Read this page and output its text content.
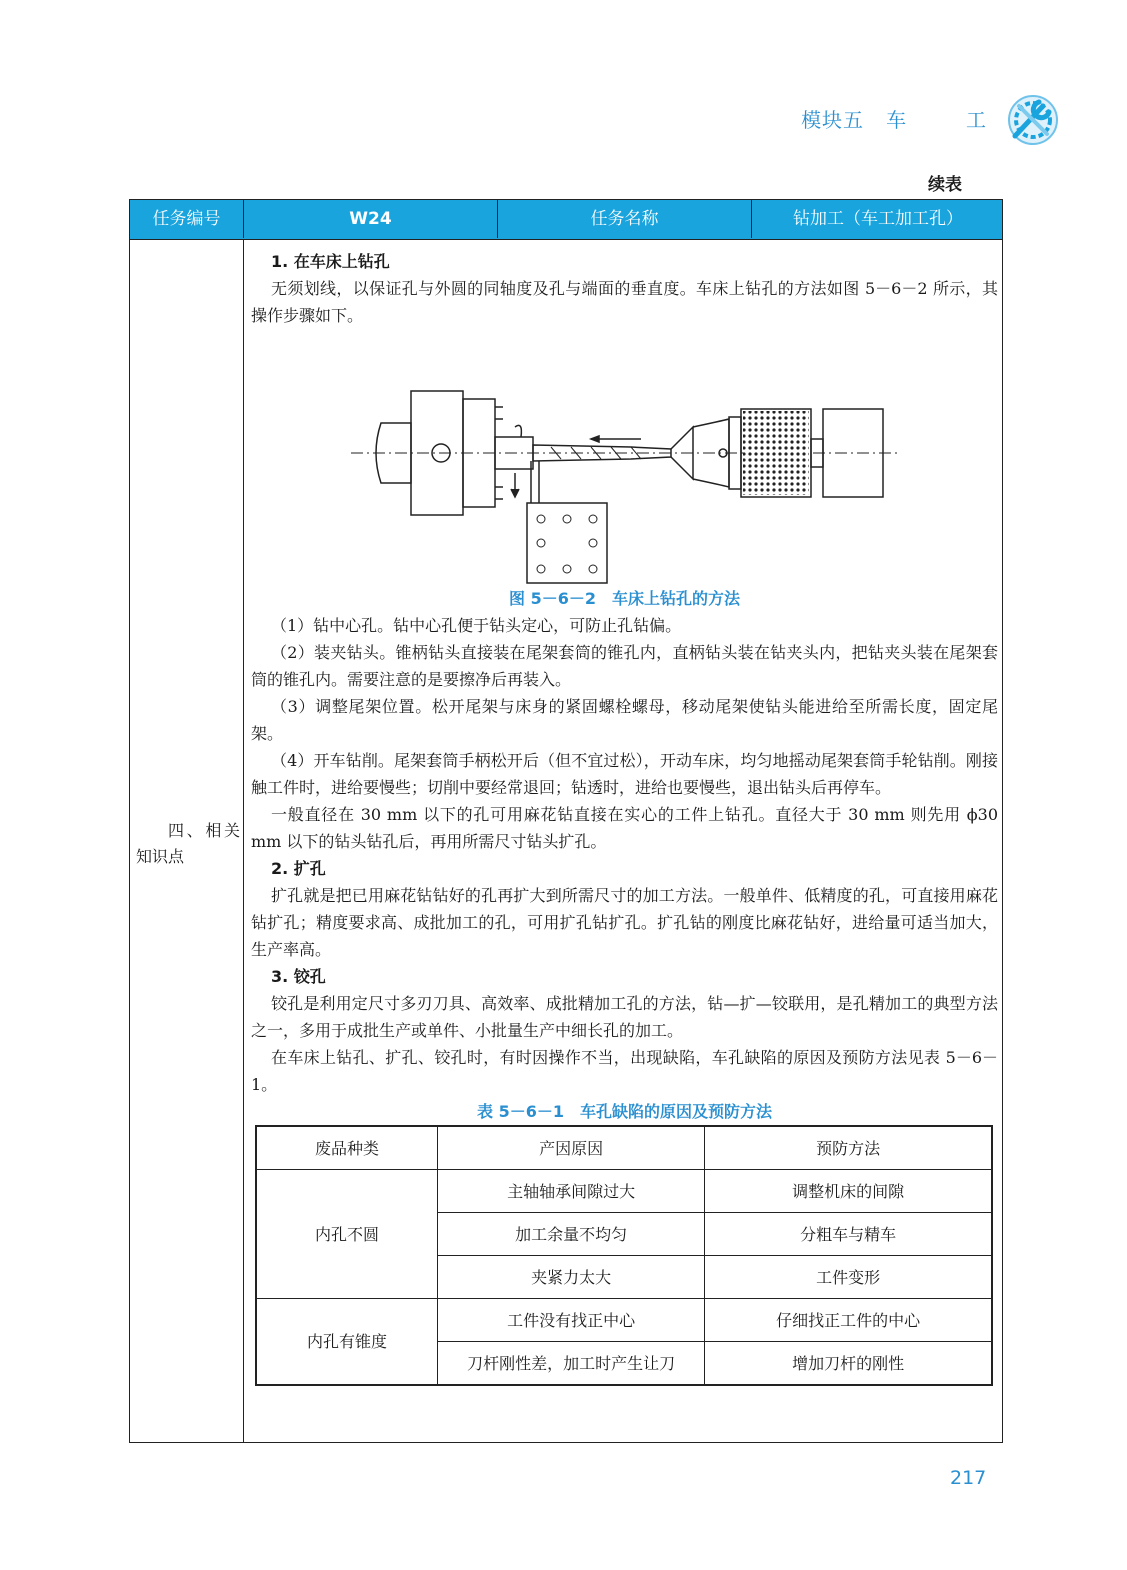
模块五   车        工
续表
任务编号	W24	任务名称	钻加工（车工加工孔）
四、相关知识点

1. 在车床上钻孔

无须划线，以保证孔与外圆的同轴度及孔与端面的垂直度。车床上钻孔的方法如图 5－6－2 所示，其操作步骤如下。

图 5－6－2　车床上钻孔的方法

（1）钻中心孔。钻中心孔便于钻头定心，可防止孔钻偏。

（2）装夹钻头。锥柄钻头直接装在尾架套筒的锥孔内，直柄钻头装在钻夹头内，把钻夹头装在尾架套筒的锥孔内。需要注意的是要擦净后再装入。

（3）调整尾架位置。松开尾架与床身的紧固螺栓螺母，移动尾架使钻头能进给至所需长度，固定尾架。

（4）开车钻削。尾架套筒手柄松开后（但不宜过松），开动车床，均匀地摇动尾架套筒手轮钻削。刚接触工件时，进给要慢些；切削中要经常退回；钻透时，进给也要慢些，退出钻头后再停车。

一般直径在 30 mm 以下的孔可用麻花钻直接在实心的工件上钻孔。直径大于 30 mm 则先用 ϕ30 mm 以下的钻头钻孔后，再用所需尺寸钻头扩孔。

2. 扩孔

扩孔就是把已用麻花钻钻好的孔再扩大到所需尺寸的加工方法。一般单件、低精度的孔，可直接用麻花钻扩孔；精度要求高、成批加工的孔，可用扩孔钻扩孔。扩孔钻的刚度比麻花钻好，进给量可适当加大，生产率高。

3. 铰孔

铰孔是利用定尺寸多刃刀具、高效率、成批精加工孔的方法，钻—扩—铰联用，是孔精加工的典型方法之一，多用于成批生产或单件、小批量生产中细长孔的加工。

在车床上钻孔、扩孔、铰孔时，有时因操作不当，出现缺陷，车孔缺陷的原因及预防方法见表 5－6－1。

表 5－6－1　车孔缺陷的原因及预防方法

废品种类	产因原因	预防方法
内孔不圆	主轴轴承间隙过大	调整机床的间隙
	加工余量不均匀	分粗车与精车
	夹紧力太大	工件变形
内孔有锥度	工件没有找正中心	仔细找正工件的中心
	刀杆刚性差，加工时产生让刀	增加刀杆的刚性
217
